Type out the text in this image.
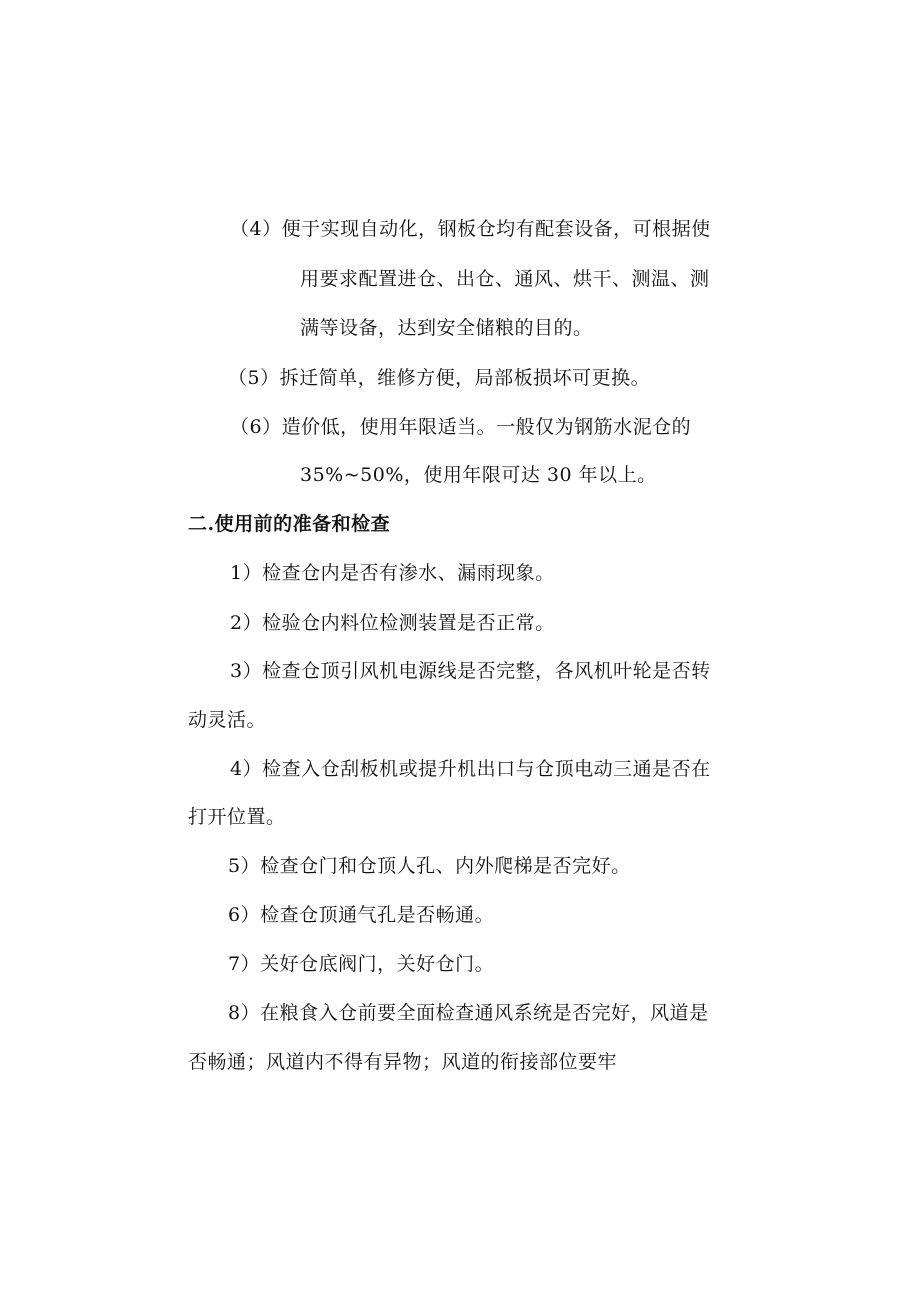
（4）便于实现自动化，钢板仓均有配套设备，可根据使
用要求配置进仓、出仓、通风、烘干、测温、测
满等设备，达到安全储粮的目的。
（5）拆迁简单，维修方便，局部板损坏可更换。
（6）造价低，使用年限适当。一般仅为钢筋水泥仓的
35%~50%，使用年限可达 30 年以上。
二.使用前的准备和检查
1）检查仓内是否有渗水、漏雨现象。
2）检验仓内料位检测装置是否正常。
3）检查仓顶引风机电源线是否完整，各风机叶轮是否转
动灵活。
4）检查入仓刮板机或提升机出口与仓顶电动三通是否在
打开位置。
5）检查仓门和仓顶人孔、内外爬梯是否完好。
6）检查仓顶通气孔是否畅通。
7）关好仓底阀门，关好仓门。
8）在粮食入仓前要全面检查通风系统是否完好，风道是
否畅通；风道内不得有异物；风道的衔接部位要牢
